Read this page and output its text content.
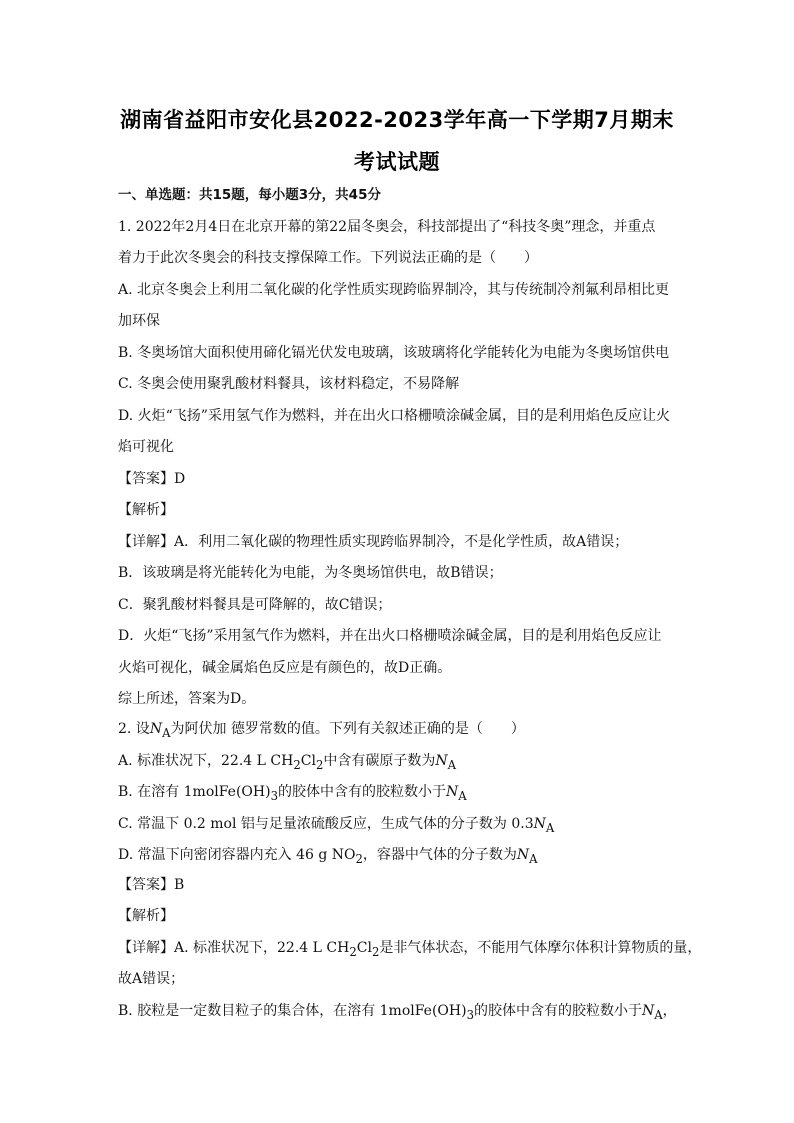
湖南省益阳市安化县2022-2023学年高一下学期7月期末
考试试题
一、单选题：共15题，每小题3分，共45分
1. 2022年2月4日在北京开幕的第22届冬奥会，科技部提出了“科技冬奥”理念，并重点
着力于此次冬奥会的科技支撑保障工作。下列说法正确的是（　　）
A. 北京冬奥会上利用二氧化碳的化学性质实现跨临界制冷，其与传统制冷剂氟利昂相比更
加环保
B. 冬奥场馆大面积使用碲化镉光伏发电玻璃，该玻璃将化学能转化为电能为冬奥场馆供电
C. 冬奥会使用聚乳酸材料餐具，该材料稳定，不易降解
D. 火炬“飞扬”采用氢气作为燃料，并在出火口格栅喷涂碱金属，目的是利用焰色反应让火
焰可视化
【答案】D
【解析】
【详解】A．利用二氧化碳的物理性质实现跨临界制冷，不是化学性质，故A错误；
B．该玻璃是将光能转化为电能，为冬奥场馆供电，故B错误；
C．聚乳酸材料餐具是可降解的，故C错误；
D．火炬“飞扬”采用氢气作为燃料，并在出火口格栅喷涂碱金属，目的是利用焰色反应让
火焰可视化，碱金属焰色反应是有颜色的，故D正确。
综上所述，答案为D。
2. 设$N_A$为阿伏加 德罗常数的值。下列有关叙述正确的是（　　）
A. 标准状况下，22.4 L $CH_2Cl_2$中含有碳原子数为$N_A$
B. 在溶有 $1molFe(OH)_3$的胶体中含有的胶粒数小于$N_A$
C. 常温下 0.2 mol 铝与足量浓硫酸反应，生成气体的分子数为 $0.3N_A$
D. 常温下向密闭容器内充入 46 g $NO_2$，容器中气体的分子数为$N_A$
【答案】B
【解析】
【详解】A. 标准状况下，22.4 L $CH_2Cl_2$是非气体状态，不能用气体摩尔体积计算物质的量，
故A错误；
B. 胶粒是一定数目粒子的集合体，在溶有 $1molFe(OH)_3$的胶体中含有的胶粒数小于$N_A$，
